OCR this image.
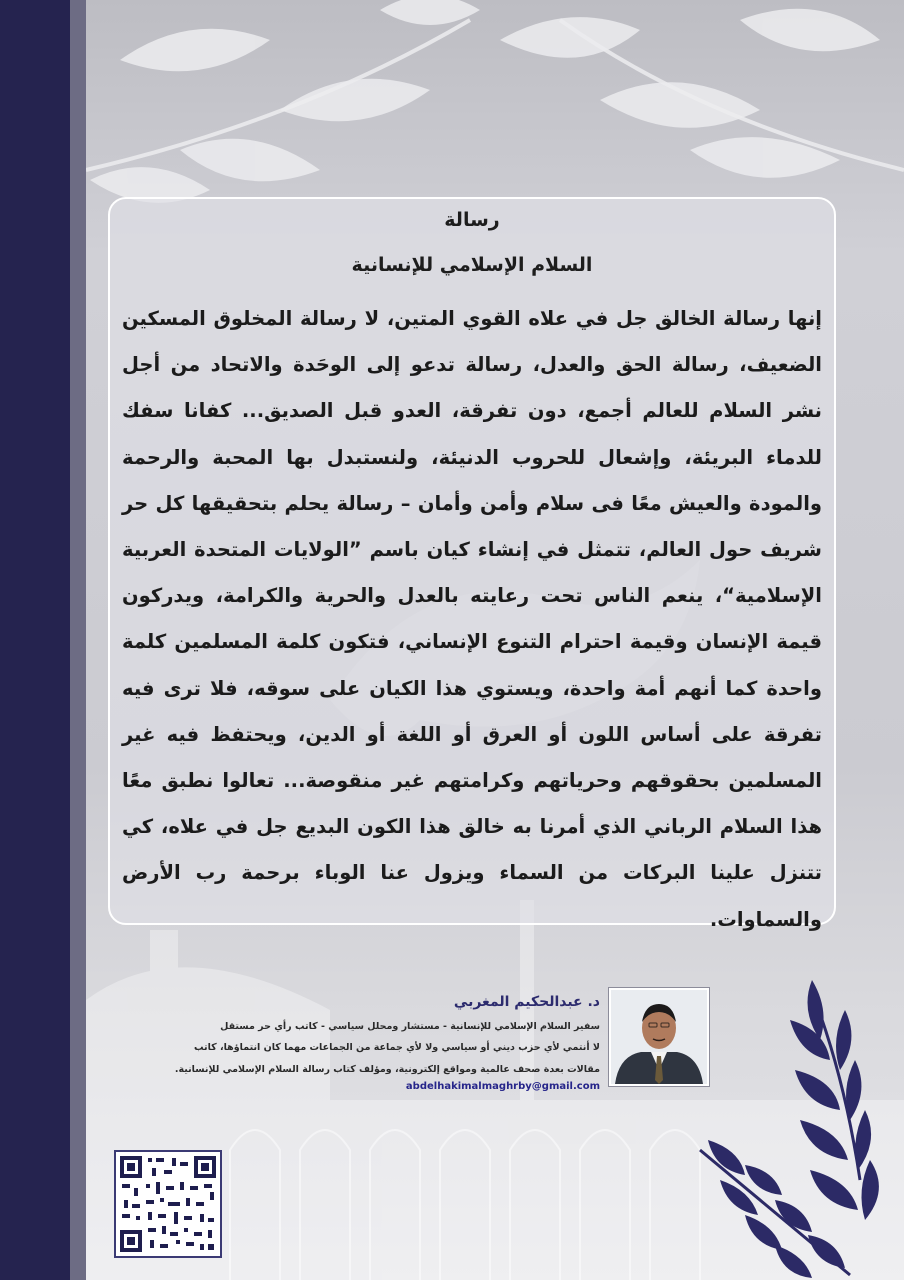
رسالة
السلام الإسلامي للإنسانية
إنها رسالة الخالق جل في علاه القوي المتين، لا رسالة المخلوق المسكين الضعيف، رسالة الحق والعدل، رسالة تدعو إلى الوحَدة والاتحاد من أجل نشر السلام للعالم أجمع، دون تفرقة، العدو قبل الصديق... كفانا سفك للدماء البريئة، وإشعال للحروب الدنيئة، ولنستبدل بها المحبة والرحمة والمودة والعيش معًا فى سلام وأمن وأمان – رسالة يحلم بتحقيقها كل حر شريف حول العالم، تتمثل في إنشاء كيان باسم ”الولايات المتحدة العربية الإسلامية“، ينعم الناس تحت رعايته بالعدل والحرية والكرامة، ويدركون قيمة الإنسان وقيمة احترام التنوع الإنساني، فتكون كلمة المسلمين كلمة واحدة كما أنهم أمة واحدة، ويستوي هذا الكيان على سوقه، فلا ترى فيه تفرقة على أساس اللون أو العرق أو اللغة أو الدين، ويحتفظ فيه غير المسلمين بحقوقهم وحرياتهم وكرامتهم غير منقوصة... تعالوا نطبق معًا هذا السلام الرباني الذي أمرنا به خالق هذا الكون البديع جل في علاه، كي تتنزل علينا البركات من السماء ويزول عنا الوباء برحمة رب الأرض والسماوات.
د. عبدالحكيم المغربي
سفير السلام الإسلامي للإنسانية - مستشار ومحلل سياسي - كاتب رأي حر مستقل
لا أنتمي لأي حزب ديني أو سياسي ولا لأي جماعة من الجماعات مهما كان انتماؤها، كاتب
مقالات بعدة صحف عالمية ومواقع إلكترونية، ومؤلف كتاب رسالة السلام الإسلامي للإنسانية.
abdelhakimalmaghrby@gmail.com
